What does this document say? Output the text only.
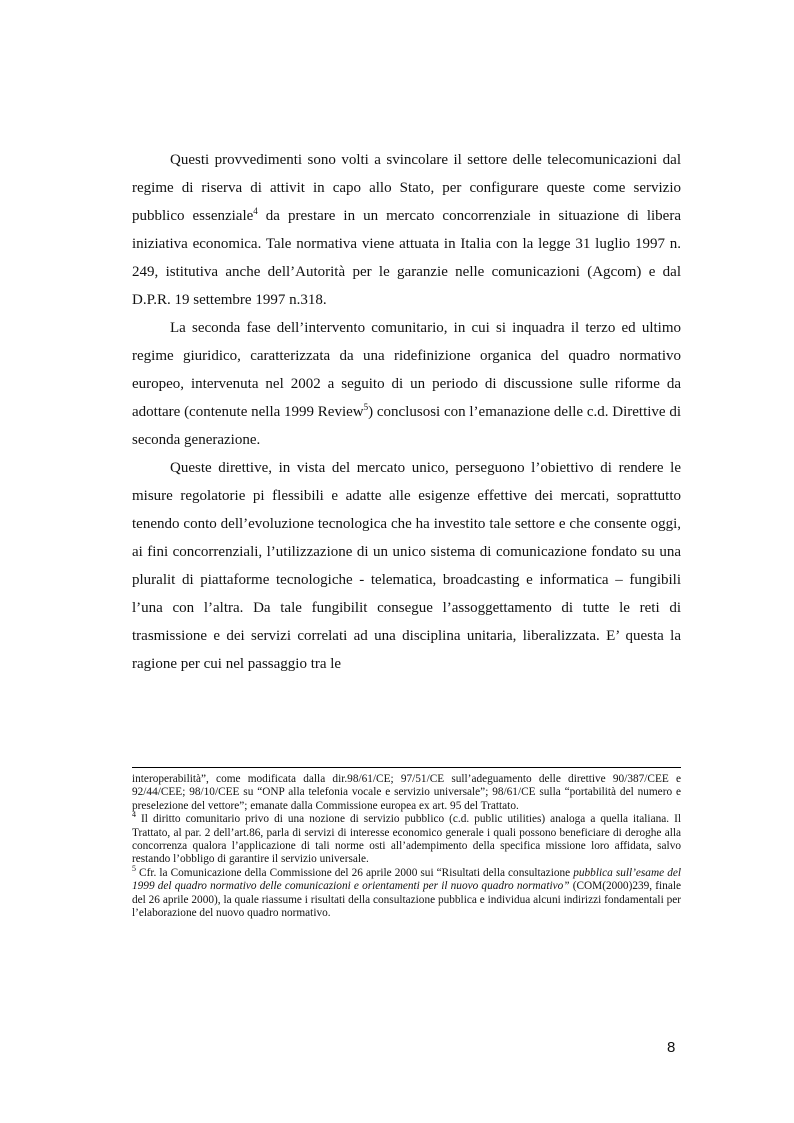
Questi provvedimenti sono volti a svincolare il settore delle telecomunicazioni dal regime di riserva di attivit in capo allo Stato, per configurare queste come servizio pubblico essenziale$^4$ da prestare in un mercato concorrenziale in situazione di libera iniziativa economica. Tale normativa viene attuata in Italia con la legge 31 luglio 1997 n. 249, istitutiva anche dell’Autorità per le garanzie nelle comunicazioni (Agcom) e dal D.P.R. 19 settembre 1997 n.318.

La seconda fase dell’intervento comunitario, in cui si inquadra il terzo ed ultimo regime giuridico, caratterizzata da una ridefinizione organica del quadro normativo europeo, intervenuta nel 2002 a seguito di un periodo di discussione sulle riforme da adottare (contenute nella 1999 Review$^5$) conclusosi con l’emanazione delle c.d. Direttive di seconda generazione.

Queste direttive, in vista del mercato unico, perseguono l’obiettivo di rendere le misure regolatorie pi flessibili e adatte alle esigenze effettive dei mercati, soprattutto tenendo conto dell’evoluzione tecnologica che ha investito tale settore e che consente oggi, ai fini concorrenziali, l’utilizzazione di un unico sistema di comunicazione fondato su una pluralit di piattaforme tecnologiche - telematica, broadcasting e informatica – fungibili l’una con l’altra. Da tale fungibilit consegue l’assoggettamento di tutte le reti di trasmissione e dei servizi correlati ad una disciplina unitaria, liberalizzata. E’ questa la ragione per cui nel passaggio tra le

interoperabilità”, come modificata dalla dir.98/61/CE; 97/51/CE sull’adeguamento delle direttive 90/387/CEE e 92/44/CEE; 98/10/CEE su “ONP alla telefonia vocale e servizio universale”; 98/61/CE sulla “portabilità del numero e preselezione del vettore”; emanate dalla Commissione europea ex art. 95 del Trattato.

$^4$ Il diritto comunitario privo di una nozione di servizio pubblico (c.d. public utilities) analoga a quella italiana. Il Trattato, al par. 2 dell’art.86, parla di servizi di interesse economico generale i quali possono beneficiare di deroghe alla concorrenza qualora l’applicazione di tali norme osti all’adempimento della specifica missione loro affidata, salvo restando l’obbligo di garantire il servizio universale.

$^5$ Cfr. la Comunicazione della Commissione del 26 aprile 2000 sui “Risultati della consultazione pubblica sull’esame del 1999 del quadro normativo delle comunicazioni e orientamenti per il nuovo quadro normativo” (COM(2000)239, finale del 26 aprile 2000), la quale riassume i risultati della consultazione pubblica e individua alcuni indirizzi fondamentali per l’elaborazione del nuovo quadro normativo.

8
